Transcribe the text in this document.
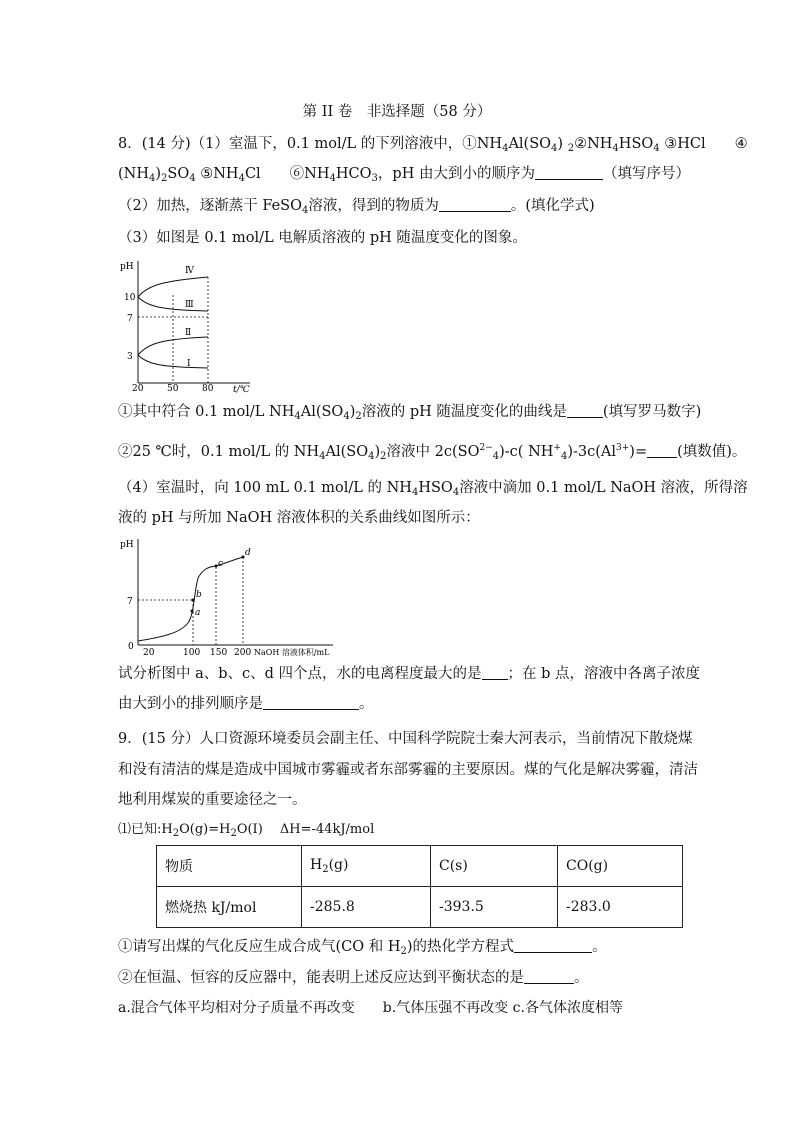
第 II 卷　非选择题（58 分）
8．(14 分)（1）室温下，0.1 mol/L 的下列溶液中，$①NH_4Al(SO_4)$ $_2②NH_4HSO_4$ ③HCl　　④
$(NH_4)_2SO_4$ $⑤NH_4Cl$　　$⑥NH_4HCO_3$，pH 由大到小的顺序为	（填写序号）
（2）加热，逐渐蒸干 FeSO$_4$溶液，得到的物质为	。(填化学式)
（3）如图是 0.1 mol/L 电解质溶液的 pH 随温度变化的图象。
pH
t/℃
20	50	80
10
7
3
Ⅳ
Ⅲ
Ⅱ
Ⅰ
①其中符合 0.1 mol/L $NH_4Al(SO_4)_2$溶液的 pH 随温度变化的曲线是 (填写罗马数字)
②25 ℃时，0.1 mol/L 的 $NH_4Al(SO_4)_2$溶液中 $2c(SO^{2-}_4)-c$( $NH^+_4)-3c(Al^{3+})=$ (填数值)。
（4）室温时，向 100 mL 0.1 mol/L 的 $NH_4HSO_4$溶液中滴加 0.1 mol/L NaOH 溶液，所得溶
液的 pH 与所加 NaOH 溶液体积的关系曲线如图所示：
pH
0
20	100 150 200 NaOH 溶液体积/mL
7
a
b
c
d
试分析图中 a、b、c、d 四个点，水的电离程度最大的是 ；在 b 点，溶液中各离子浓度
由大到小的排列顺序是	。
9．(15 分）人口资源环境委员会副主任、中国科学院院士秦大河表示，当前情况下散烧煤
和没有清洁的煤是造成中国城市雾霾或者东部雾霾的主要原因。煤的气化是解决雾霾，清洁
地利用煤炭的重要途径之一。
⑴已知$:H_2O(g)=H_2O(I)$　 ΔH=-44kJ/mol
物质	$H_2(g)$	C(s)	CO(g)
燃烧热 kJ/mol	-285.8	-393.5	-283.0
①请写出煤的气化反应生成合成气(CO 和 $H_2$)的热化学方程式	。
②在恒温、恒容的反应器中，能表明上述反应达到平衡状态的是	。
a.混合气体平均相对分子质量不再改变　　b.气体压强不再改变 c.各气体浓度相等
